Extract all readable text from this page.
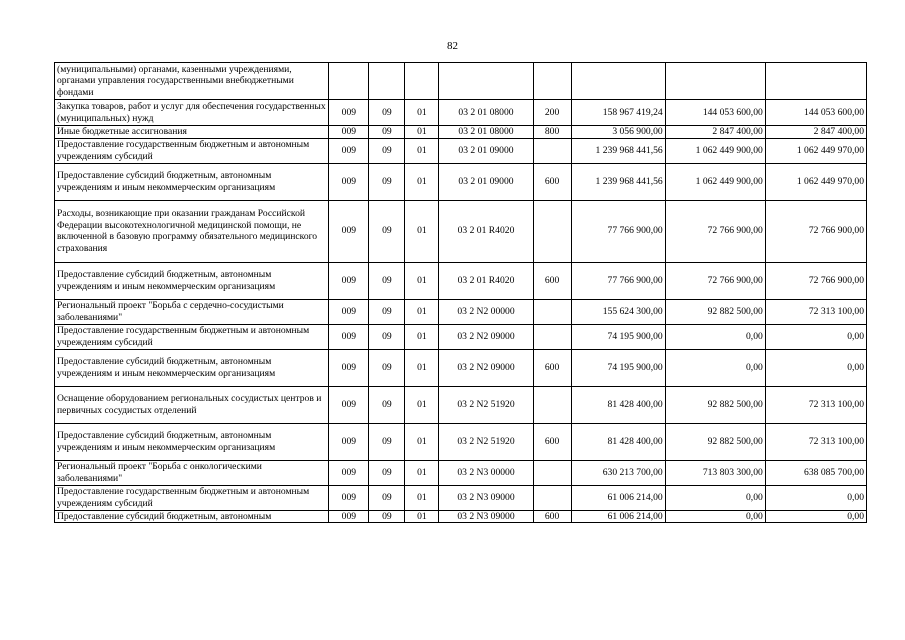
82
(муниципальными) органами, казенными учреждениями, органами управления государственными внебюджетными фондами								
Закупка товаров, работ и услуг для обеспечения государственных (муниципальных) нужд	009	09	01	03 2 01 08000	200	158 967 419,24	144 053 600,00	144 053 600,00
Иные бюджетные ассигнования	009	09	01	03 2 01 08000	800	3 056 900,00	2 847 400,00	2 847 400,00
Предоставление государственным бюджетным и автономным учреждениям субсидий	009	09	01	03 2 01 09000		1 239 968 441,56	1 062 449 900,00	1 062 449 970,00
Предоставление субсидий бюджетным, автономным учреждениям и иным некоммерческим организациям	009	09	01	03 2 01 09000	600	1 239 968 441,56	1 062 449 900,00	1 062 449 970,00
Расходы, возникающие при оказании гражданам Российской Федерации высокотехнологичной медицинской помощи, не включенной в базовую программу обязательного медицинского страхования	009	09	01	03 2 01 R4020		77 766 900,00	72 766 900,00	72 766 900,00
Предоставление субсидий бюджетным, автономным учреждениям и иным некоммерческим организациям	009	09	01	03 2 01 R4020	600	77 766 900,00	72 766 900,00	72 766 900,00
Региональный проект "Борьба с сердечно-сосудистыми заболеваниями"	009	09	01	03 2 N2 00000		155 624 300,00	92 882 500,00	72 313 100,00
Предоставление государственным бюджетным и автономным учреждениям субсидий	009	09	01	03 2 N2 09000		74 195 900,00	0,00	0,00
Предоставление субсидий бюджетным, автономным учреждениям и иным некоммерческим организациям	009	09	01	03 2 N2 09000	600	74 195 900,00	0,00	0,00
Оснащение оборудованием региональных сосудистых центров и первичных сосудистых отделений	009	09	01	03 2 N2 51920		81 428 400,00	92 882 500,00	72 313 100,00
Предоставление субсидий бюджетным, автономным учреждениям и иным некоммерческим организациям	009	09	01	03 2 N2 51920	600	81 428 400,00	92 882 500,00	72 313 100,00
Региональный проект "Борьба с онкологическими заболеваниями"	009	09	01	03 2 N3 00000		630 213 700,00	713 803 300,00	638 085 700,00
Предоставление государственным бюджетным и автономным учреждениям субсидий	009	09	01	03 2 N3 09000		61 006 214,00	0,00	0,00
Предоставление субсидий бюджетным, автономным	009	09	01	03 2 N3 09000	600	61 006 214,00	0,00	0,00
